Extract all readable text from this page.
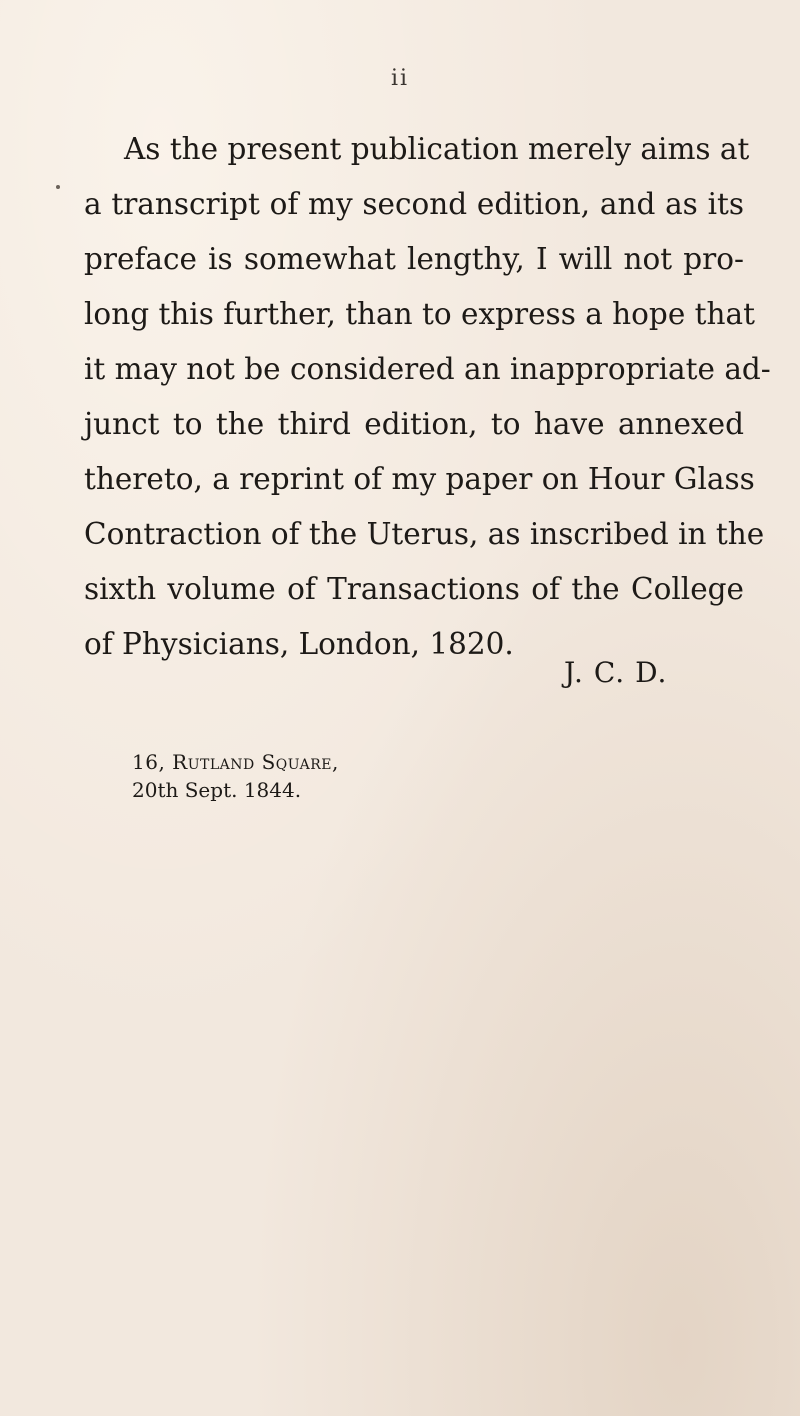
ii
As the present publication merely aims at
a transcript of my second edition, and as its
preface is somewhat lengthy, I will not pro-
long this further, than to express a hope that
it may not be considered an inappropriate ad-
junct to the third edition, to have annexed
thereto, a reprint of my paper on Hour Glass
Contraction of the Uterus, as inscribed in the
sixth volume of Transactions of the College
of Physicians, London, 1820.
J. C. D.
16, Rutland Square,
20th Sept. 1844.
